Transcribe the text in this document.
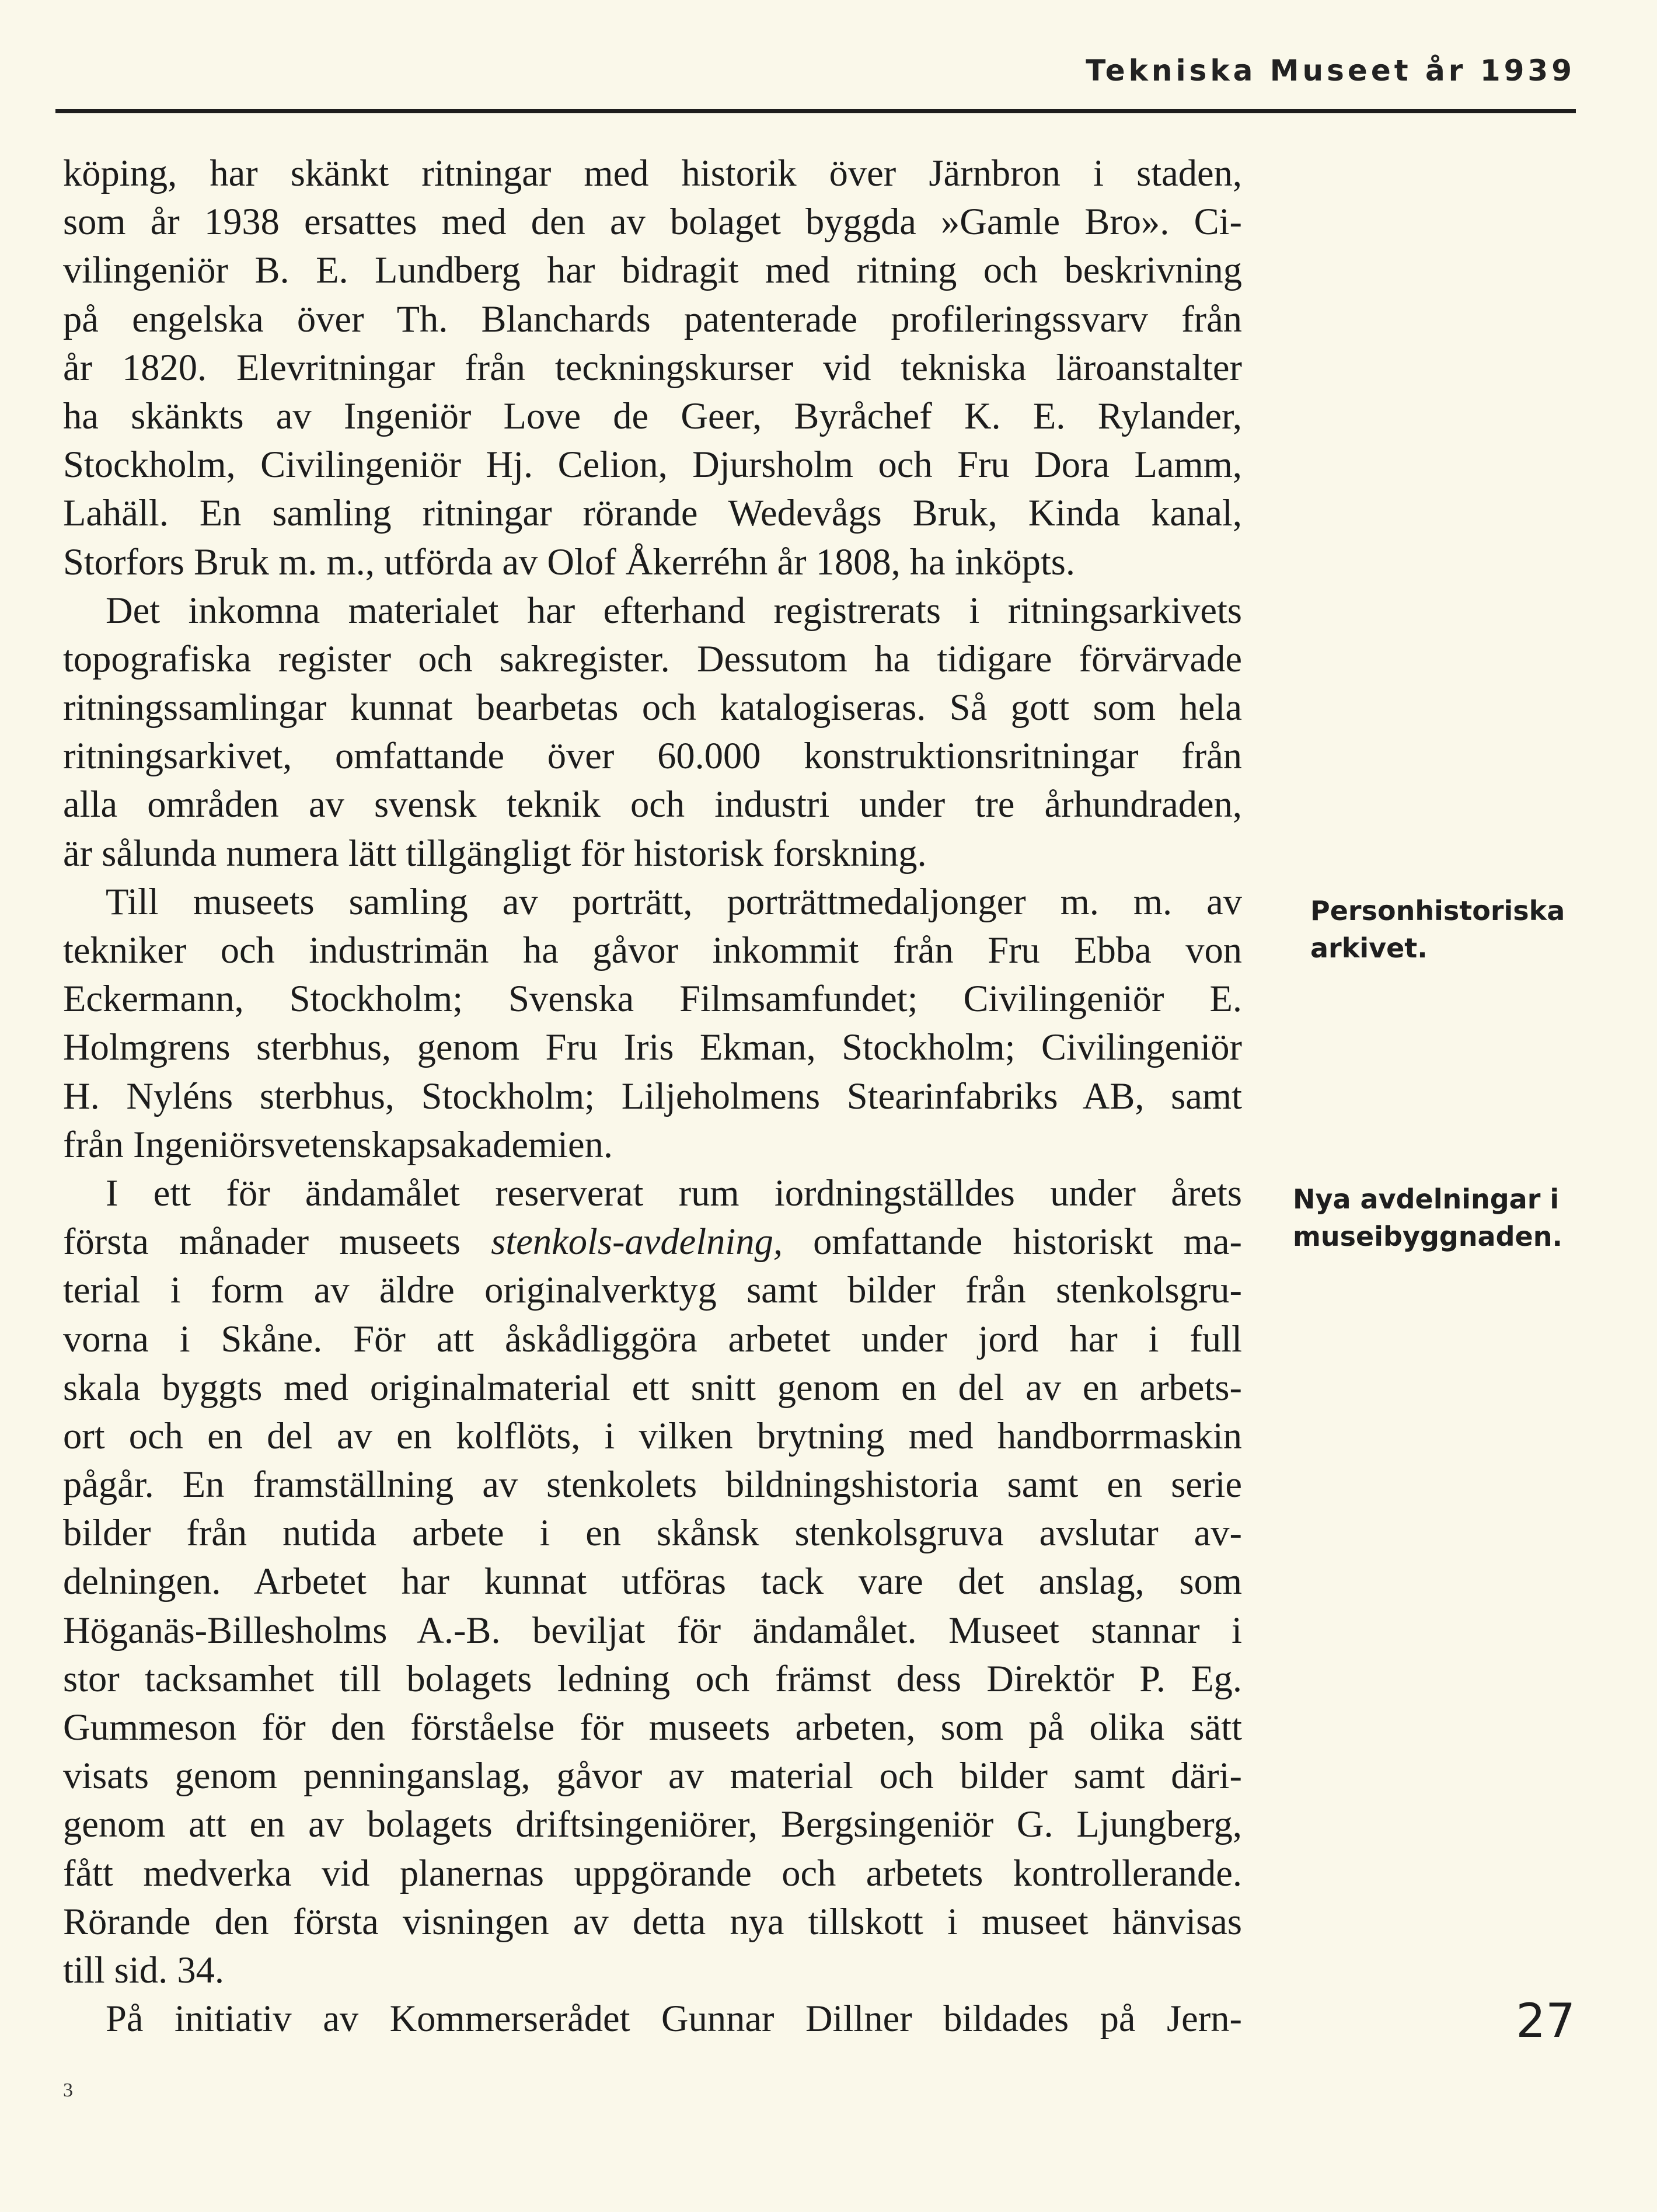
Tekniska Museet år 1939
köping, har skänkt ritningar med historik över Järnbron i staden,
som år 1938 ersattes med den av bolaget byggda »Gamle Bro». Ci-
vilingeniör B. E. Lundberg har bidragit med ritning och beskrivning
på engelska över Th. Blanchards patenterade profileringssvarv från
år 1820. Elevritningar från teckningskurser vid tekniska läroanstalter
ha skänkts av Ingeniör Love de Geer, Byråchef K. E. Rylander,
Stockholm, Civilingeniör Hj. Celion, Djursholm och Fru Dora Lamm,
Lahäll. En samling ritningar rörande Wedevågs Bruk, Kinda kanal,
Storfors Bruk m. m., utförda av Olof Åkerréhn år 1808, ha inköpts.
Det inkomna materialet har efterhand registrerats i ritningsarkivets
topografiska register och sakregister. Dessutom ha tidigare förvärvade
ritningssamlingar kunnat bearbetas och katalogiseras. Så gott som hela
ritningsarkivet, omfattande över 60.000 konstruktionsritningar från
alla områden av svensk teknik och industri under tre århundraden,
är sålunda numera lätt tillgängligt för historisk forskning.
Till museets samling av porträtt, porträttmedaljonger m. m. av
tekniker och industrimän ha gåvor inkommit från Fru Ebba von
Eckermann, Stockholm; Svenska Filmsamfundet; Civilingeniör E.
Holmgrens sterbhus, genom Fru Iris Ekman, Stockholm; Civilingeniör
H. Nyléns sterbhus, Stockholm; Liljeholmens Stearinfabriks AB, samt
från Ingeniörsvetenskapsakademien.
I ett för ändamålet reserverat rum iordningställdes under årets
första månader museets stenkols-avdelning, omfattande historiskt ma-
terial i form av äldre originalverktyg samt bilder från stenkolsgru-
vorna i Skåne. För att åskådliggöra arbetet under jord har i full
skala byggts med originalmaterial ett snitt genom en del av en arbets-
ort och en del av en kolflöts, i vilken brytning med handborrmaskin
pågår. En framställning av stenkolets bildningshistoria samt en serie
bilder från nutida arbete i en skånsk stenkolsgruva avslutar av-
delningen. Arbetet har kunnat utföras tack vare det anslag, som
Höganäs-Billesholms A.-B. beviljat för ändamålet. Museet stannar i
stor tacksamhet till bolagets ledning och främst dess Direktör P. Eg.
Gummeson för den förståelse för museets arbeten, som på olika sätt
visats genom penninganslag, gåvor av material och bilder samt däri-
genom att en av bolagets driftsingeniörer, Bergsingeniör G. Ljungberg,
fått medverka vid planernas uppgörande och arbetets kontrollerande.
Rörande den första visningen av detta nya tillskott i museet hänvisas
till sid. 34.
På initiativ av Kommerserådet Gunnar Dillner bildades på Jern-
Personhistoriska arkivet.
Nya avdelningar i museibyggnaden.
27
3
